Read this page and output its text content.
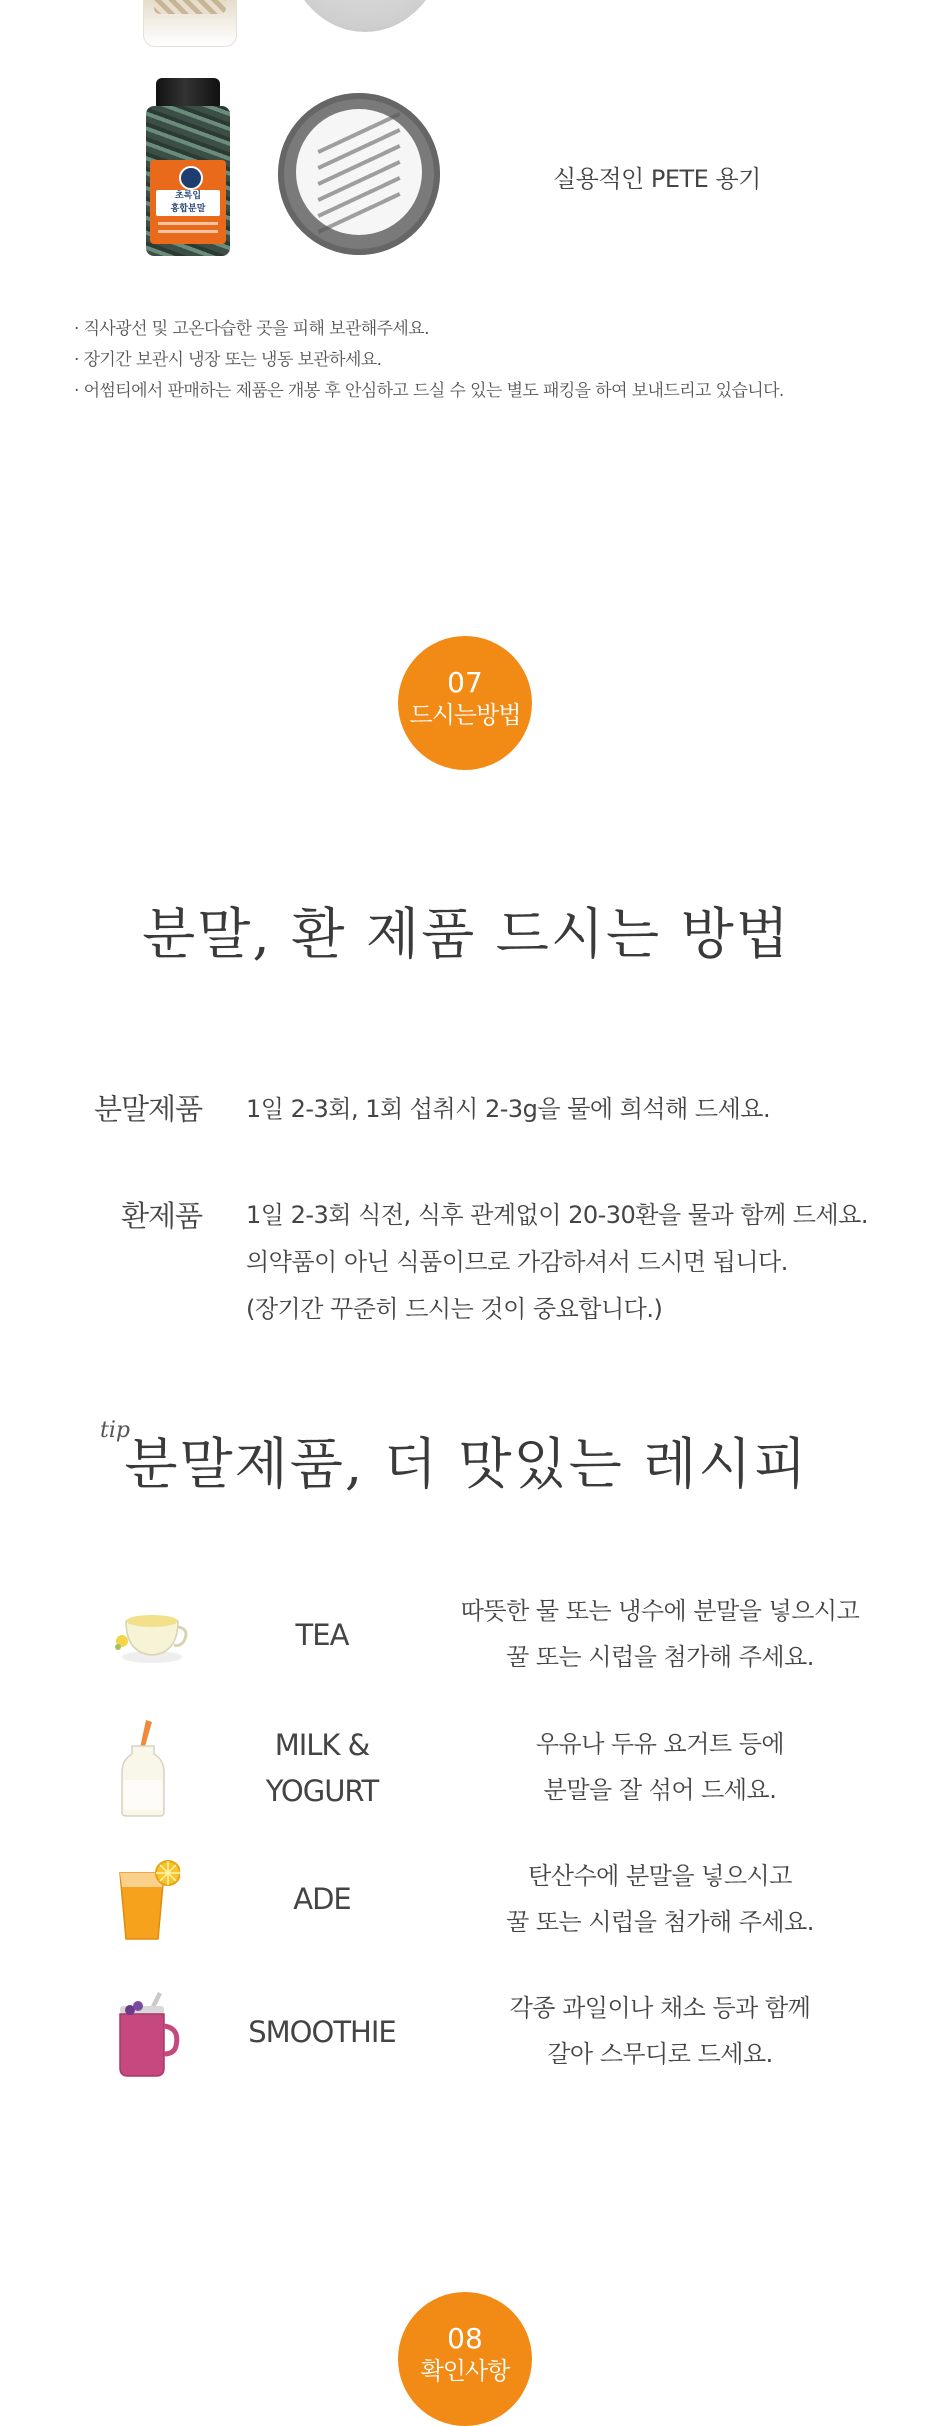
초록입
홍합분말
실용적인 PETE 용기
· 직사광선 및 고온다습한 곳을 피해 보관해주세요.
· 장기간 보관시 냉장 또는 냉동 보관하세요.
· 어썸티에서 판매하는 제품은 개봉 후 안심하고 드실 수 있는 별도 패킹을 하여 보내드리고 있습니다.
07
드시는방법
분말, 환 제품 드시는 방법
분말제품 1일 2-3회, 1회 섭취시 2-3g을 물에 희석해 드세요.
환제품 1일 2-3회 식전, 식후 관계없이 20-30환을 물과 함께 드세요.
의약품이 아닌 식품이므로 가감하셔서 드시면 됩니다.
(장기간 꾸준히 드시는 것이 중요합니다.)
tip
분말제품, 더 맛있는 레시피
TEA
따뜻한 물 또는 냉수에 분말을 넣으시고
꿀 또는 시럽을 첨가해 주세요.
MILK &
YOGURT
우유나 두유 요거트 등에
분말을 잘 섞어 드세요.
ADE
탄산수에 분말을 넣으시고
꿀 또는 시럽을 첨가해 주세요.
SMOOTHIE
각종 과일이나 채소 등과 함께
갈아 스무디로 드세요.
08
확인사항
